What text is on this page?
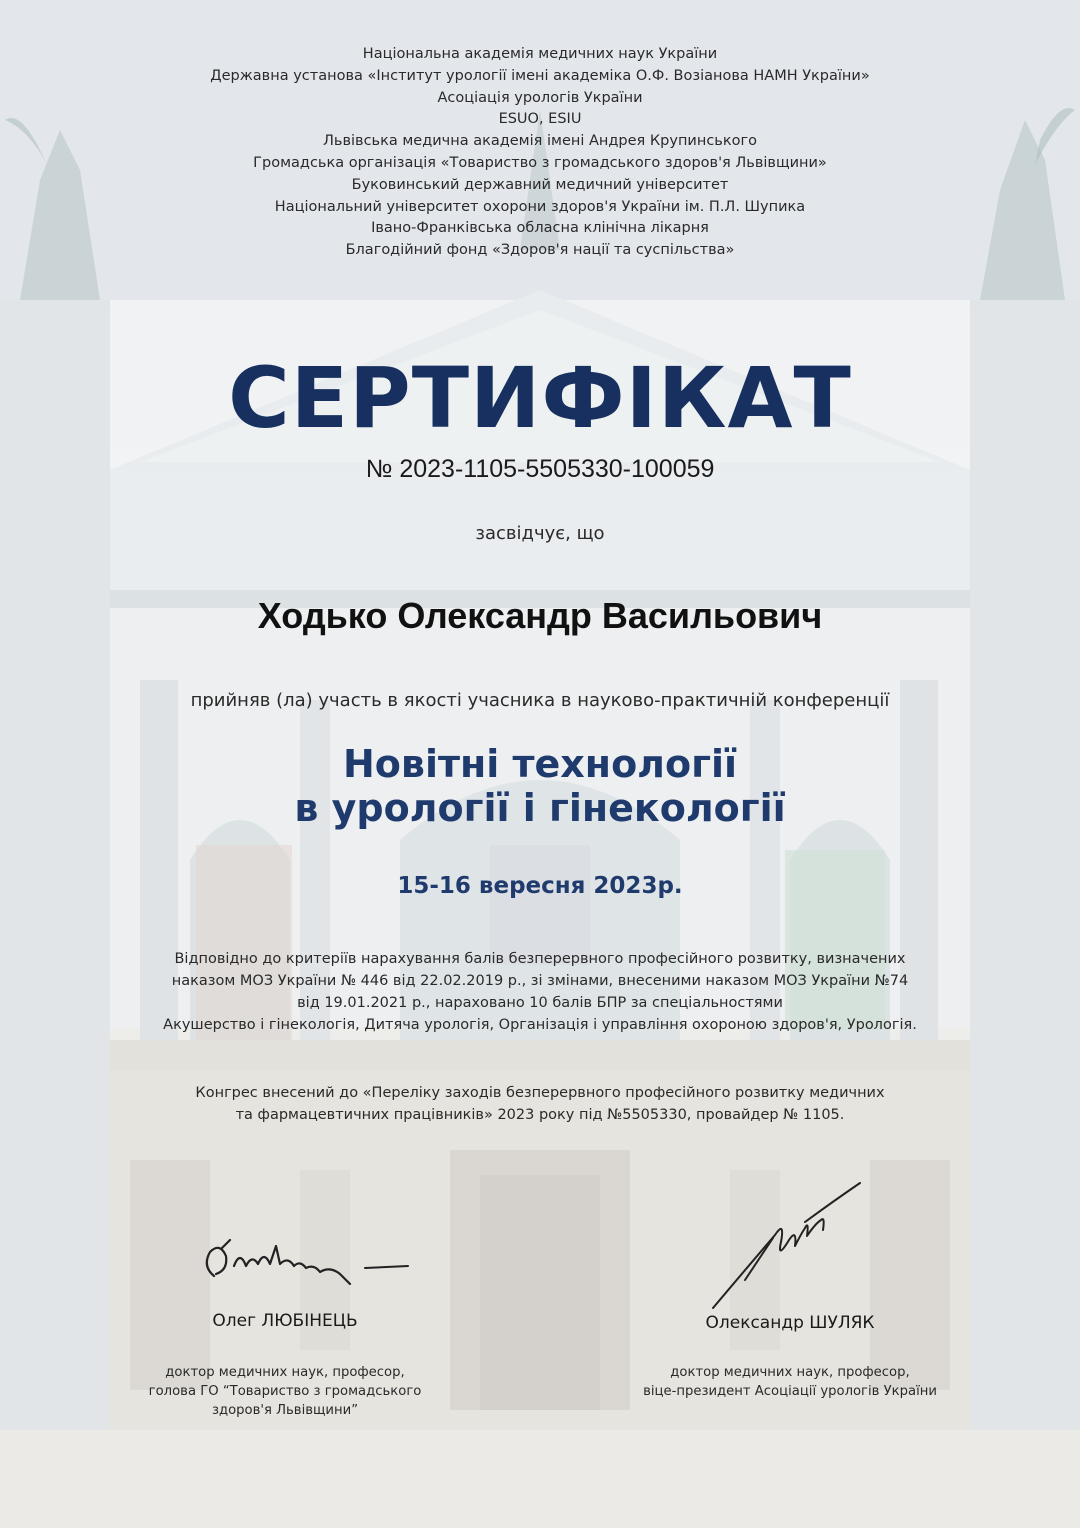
Національна академія медичних наук України
Державна установа «Інститут урології імені академіка О.Ф. Возіанова НАМН України»
Асоціація урологів України
ESUO, ESIU
Львівська медична академія імені Андрея Крупинського
Громадська організація «Товариство з громадського здоров'я Львівщини»
Буковинський державний медичний університет
Національний університет охорони здоров'я України ім. П.Л. Шупика
Івано-Франківська обласна клінічна лікарня
Благодійний фонд «Здоров'я нації та суспільства»
СЕРТИФІКАТ
№ 2023-1105-5505330-100059
засвідчує, що
Ходько Олександр Васильович
прийняв (ла) участь в якості учасника в науково-практичній конференції
Новітні технології
в урології і гінекології
15-16 вересня 2023р.
Відповідно до критеріїв нарахування балів безперервного професійного розвитку, визначених
наказом МОЗ України № 446 від 22.02.2019 р., зі змінами, внесеними наказом МОЗ України №74
від 19.01.2021 р., нараховано 10 балів БПР за спеціальностями
Акушерство і гінекологія, Дитяча урологія, Організація і управління охороною здоров'я, Урологія.
Конгрес внесений до «Переліку заходів безперервного професійного розвитку медичних
та фармацевтичних працівників» 2023 року під №5505330, провайдер № 1105.
Олег ЛЮБІНЕЦЬ
доктор медичних наук, професор,
голова ГО “Товариство з громадського
здоров'я Львівщини”
Олександр ШУЛЯК
доктор медичних наук, професор,
віце-президент Асоціації урологів України
